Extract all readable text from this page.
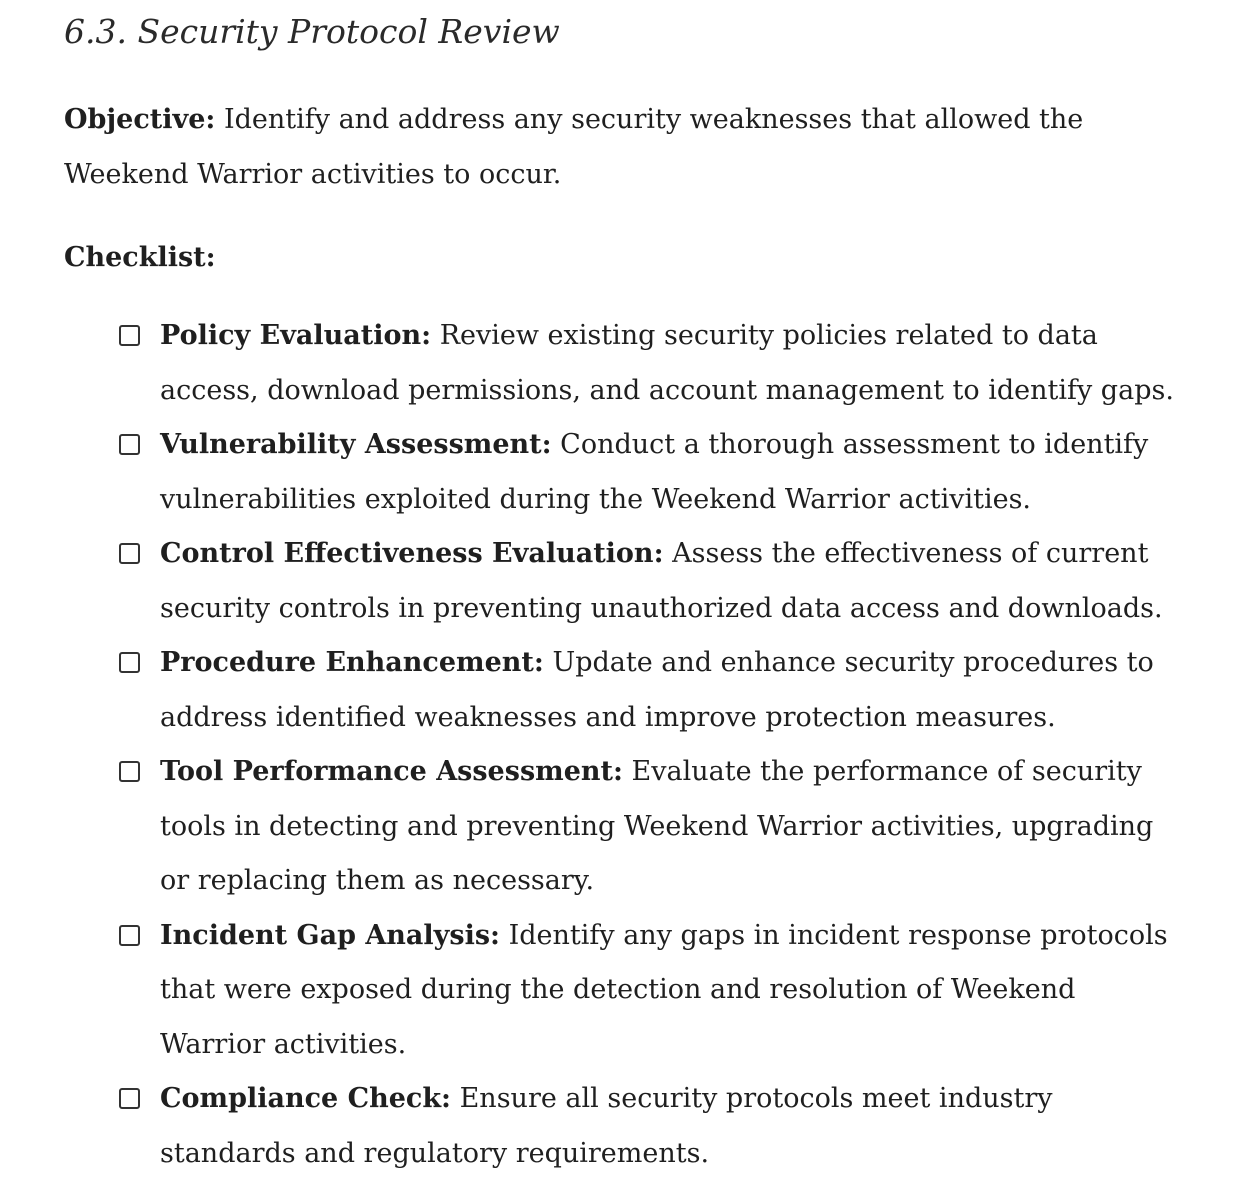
6.3. Security Protocol Review

Objective: Identify and address any security weaknesses that allowed the Weekend Warrior activities to occur.

Checklist:

Policy Evaluation: Review existing security policies related to data access, download permissions, and account management to identify gaps.
Vulnerability Assessment: Conduct a thorough assessment to identify vulnerabilities exploited during the Weekend Warrior activities.
Control Effectiveness Evaluation: Assess the effectiveness of current security controls in preventing unauthorized data access and downloads.
Procedure Enhancement: Update and enhance security procedures to address identified weaknesses and improve protection measures.
Tool Performance Assessment: Evaluate the performance of security tools in detecting and preventing Weekend Warrior activities, upgrading or replacing them as necessary.
Incident Gap Analysis: Identify any gaps in incident response protocols that were exposed during the detection and resolution of Weekend Warrior activities.
Compliance Check: Ensure all security protocols meet industry standards and regulatory requirements.
